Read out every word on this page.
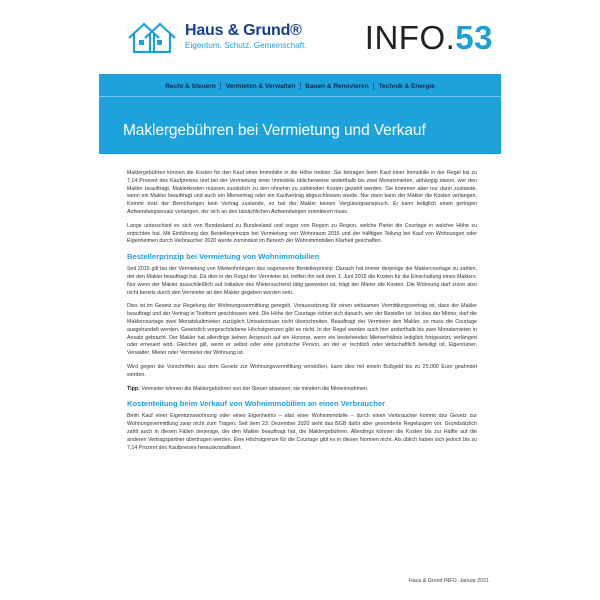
Haus & Grund®
Eigentum. Schutz. Gemeinschaft. INFO.53
Recht & Steuern | Vermieten & Verwalten | Bauen & Renovieren | Technik & Energie
Maklergebühren bei Vermietung und Verkauf

Maklergebühren können die Kosten für den Kauf einer Immobilie in die Höhe treiben. Sie betragen beim Kauf einer Immobilie in der Regel bis zu 7,14 Prozent des Kaufpreises und bei der Vermietung einer Immobilie üblicherweise anderthalb bis zwei Monatsmieten, abhängig davon, wer den Makler beauftragt. Maklerkosten müssen zusätzlich zu den ohnehin zu zahlenden Kosten gezahlt werden. Sie kommen aber nur dann zustande, wenn ein Makler beauftragt und auch ein Mietvertrag oder ein Kaufvertrag abgeschlossen wurde. Nur dann kann der Makler die Kosten verlangen. Kommt trotz der Bemühungen kein Vertrag zustande, so hat der Makler keinen Vergütungsanspruch. Er kann lediglich einen geringen Aufwendungsersatz verlangen, der sich an den tatsächlichen Aufwendungen orientieren muss.

Lange unterschied es sich von Bundesland zu Bundesland und sogar von Region zu Region, welche Partei die Courtage in welcher Höhe zu entrichten hat. Mit Einführung des Bestellerprinzips bei Vermietung von Wohnraum 2015 und der hälftigen Teilung bei Kauf von Wohnungen oder Eigenheimen durch Verbraucher 2020 wurde zumindest im Bereich der Wohnimmobilien Klarheit geschaffen.

Bestellerprinzip bei Vermietung von Wohnimmobilien

Seit 2015 gilt bei der Vermietung von Mietwohnungen das sogenannte Bestellerprinzip. Danach hat immer derjenige die Maklercourtage zu zahlen, der den Makler beauftragt hat. Da dies in der Regel der Vermieter ist, treffen ihn seit dem 1. Juni 2015 die Kosten für die Einschaltung eines Maklers. Nur wenn der Makler ausschließlich auf Initiative des Mietersuchend tätig geworden ist, trägt der Mieter die Kosten. Die Wohnung darf zuvor also nicht bereits durch den Vermieter an den Makler gegeben worden sein.

Dies ist im Gesetz zur Regelung der Wohnungsvermittlung geregelt. Voraussetzung für einen wirksamen Vermittlungsvertrag ist, dass der Makler beauftragt und der Vertrag in Textform geschlossen wird. Die Höhe der Courtage richtet sich danach, wer der Besteller ist. Ist dies der Mieter, darf die Maklercourtage zwei Monatskaltmieten zuzüglich Umsatzsteuer nicht überschreiten. Beauftragt der Vermieter den Makler, so muss die Courtage ausgehandelt werden. Gesetzlich vorgeschriebene Höchstgrenzen gibt es nicht. In der Regel werden auch hier anderthalb bis zwei Monatsmieten in Ansatz gebracht. Der Makler hat allerdings keinen Anspruch auf ein Honorar, wenn ein bestehendes Mietverhältnis lediglich fortgesetzt, verlängert oder erneuert wird. Gleiches gilt, wenn er selbst oder eine juristische Person, an der er rechtlich oder wirtschaftlich beteiligt ist, Eigentümer, Verwalter, Mieter oder Vermieter der Wohnung ist.

Wird gegen die Vorschriften aus dem Gesetz zur Wohnungsvermittlung verstoßen, kann dies mit einem Bußgeld bis zu 25.000 Euro geahndet werden.

Tipp: Vermieter können die Maklergebühren von der Steuer absetzen; sie mindern die Mieteinnahmen.

Kostenteilung beim Verkauf von Wohnimmobilien an einen Verbraucher

Beim Kauf einer Eigentumswohnung oder eines Eigenheims – also einer Wohnimmobilie – durch einen Verbraucher kommt das Gesetz zur Wohnungsvermittlung zwar nicht zum Tragen. Seit dem 23. Dezember 2020 sieht das BGB dafür aber gesonderte Regelungen vor. Grundsätzlich zahlt auch in diesen Fällen derjenige, der den Makler beauftragt hat, die Maklergebühren. Allerdings können die Kosten bis zur Hälfte auf die anderen Vertragspartner übertragen werden. Eine Höchstgrenze für die Courtage gibt es in diesen Normen nicht. Als üblich haben sich jedoch bis zu 7,14 Prozent des Kaufpreises herauskristallisiert.

Haus & Grund INFO, Januar 2021
